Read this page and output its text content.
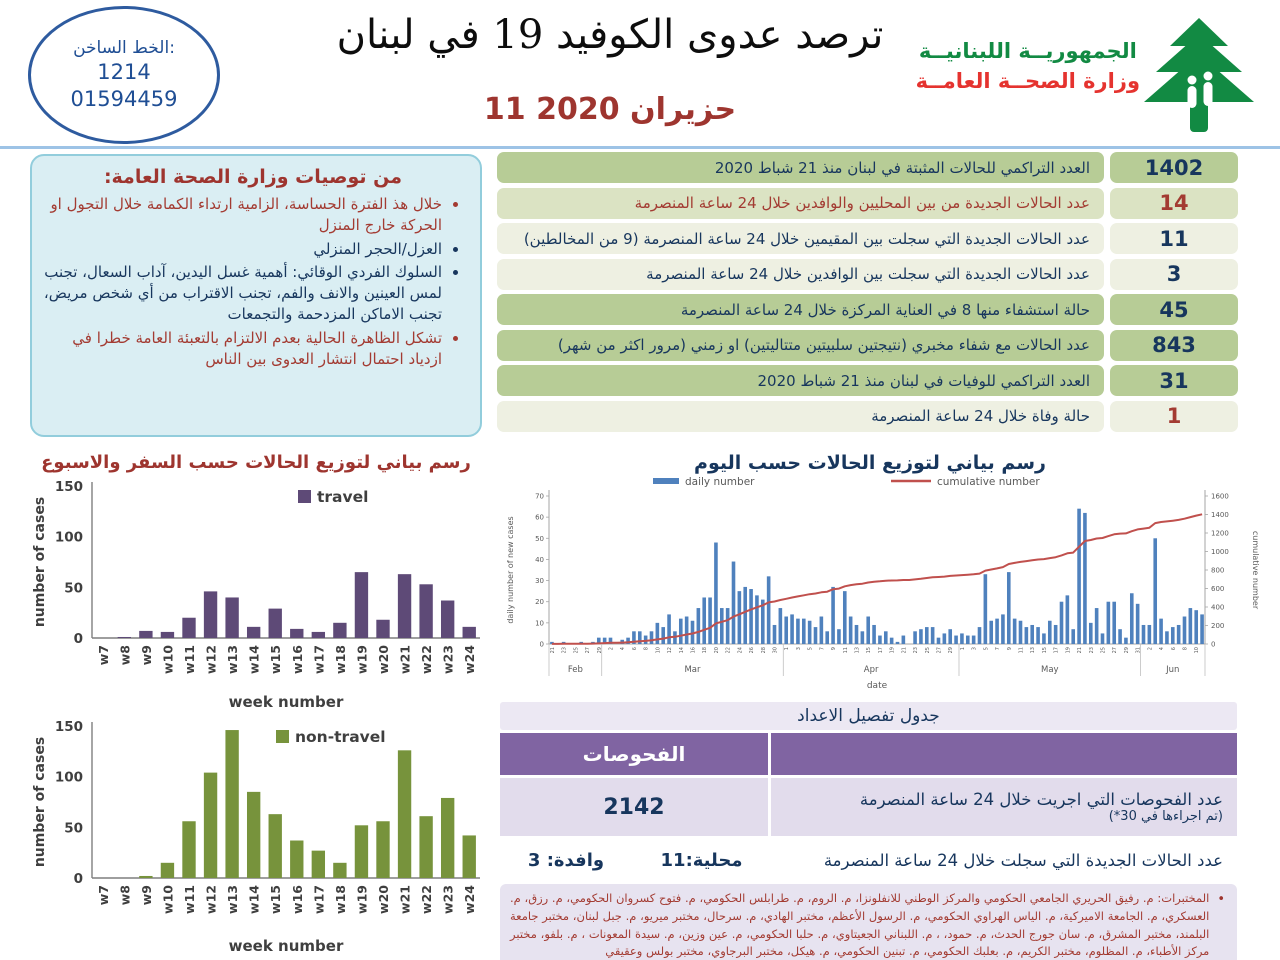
الخط الساخن:
1214
01594459
ترصد عدوى الكوفيد 19 في لبنان
11 حزيران 2020
الجمهوريــة اللبنانيــة
وزارة الصحــة العامــة
من توصيات وزارة الصحة العامة:
• خلال هذ الفترة الحساسة، الزامية ارتداء الكمامة خلال التجول او الحركة خارج المنزل
• العزل/الحجر المنزلي
• السلوك الفردي الوقائي: أهمية غسل اليدين، آداب السعال، تجنب لمس العينين والانف والفم، تجنب الاقتراب من أي شخص مريض، تجنب الاماكن المزدحمة والتجمعات
• تشكل الظاهرة الحالية بعدم الالتزام بالتعبئة العامة خطرا في ازدياد احتمال انتشار العدوى بين الناس
1402
العدد التراكمي للحالات المثبتة في لبنان منذ 21 شباط 2020
14
عدد الحالات الجديدة من بين المحليين والوافدين خلال 24 ساعة المنصرمة
11
عدد الحالات الجديدة التي سجلت بين المقيمين خلال 24 ساعة المنصرمة (9 من المخالطين)
3
عدد الحالات الجديدة التي سجلت بين الوافدين خلال 24 ساعة المنصرمة
45
حالة استشفاء منها 8 في العناية المركزة خلال 24 ساعة المنصرمة
843
عدد الحالات مع شفاء مخبري (نتيجتين سلبيتين متتاليتين) او زمني (مرور اكثر من شهر)
31
العدد التراكمي للوفيات في لبنان منذ 21 شباط 2020
1
حالة وفاة خلال 24 ساعة المنصرمة
رسم بياني لتوزيع الحالات حسب السفر والاسبوع
0
50
100
150
w7 w8 w9 w10 w11 w12 w13 w14 w15 w16 w17 w18 w19 w20 w21 w22 w23 w24
week number
number of cases	travel
0
50
100
150
w7 w8 w9 w10 w11 w12 w13 w14 w15 w16 w17 w18 w19 w20 w21 w22 w23 w24
week number
number of cases	non-travel
رسم بياني لتوزيع الحالات حسب اليوم
0
10
20
30
40
50
60
70
0
200
400
600
800
1000
1200
1400
1600
21 23 25 27 29 2 4 6 8 10 12 14 16 18 20 22 24 26 28 30 1 3 5 7 9 11 13 15 17 19 21 23 25 27 29 1 3 5 7 9 11 13 15 17 19 21 23 25 27 29 31 2 4 6 8 10
Feb	Mar	Apr	May	Jun
date
daily number of new cases	cumulative number
daily number	cumulative number
جدول تفصيل الاعداد
الفحوصات
2142	عدد الفحوصات التي اجريت خلال 24 ساعة المنصرمة
(تم اجراءها في 30*)
وافدة: 3	محلية:11	عدد الحالات الجديدة التي سجلت خلال 24 ساعة المنصرمة
•
المختبرات: م. رفيق الحريري الجامعي الحكومي والمركز الوطني للانفلونزا، م. الروم، م. طرابلس الحكومي، م. فتوح كسروان الحكومي، م. رزق، م. العسكري، م. الجامعة الاميركية، م. الياس الهراوي الحكومي، م. الرسول الأعظم، مختبر الهادي، م. سرحال، مختبر ميريو، م. جبل لبنان، مختبر جامعة البلمند، مختبر المشرق، م. سان جورج الحدث، م. حمود، ، م. اللبناني الجعيتاوي، م. حلبا الحكومي، م. عين وزين، م. سيدة المعونات ، م. بلفو، مختبر مركز الأطباء، م. المظلوم، مختبر الكريم، م. بعلبك الحكومي، م. تبنين الحكومي، م. هيكل، مختبر البرجاوي، مختبر بولس وعقيقي
